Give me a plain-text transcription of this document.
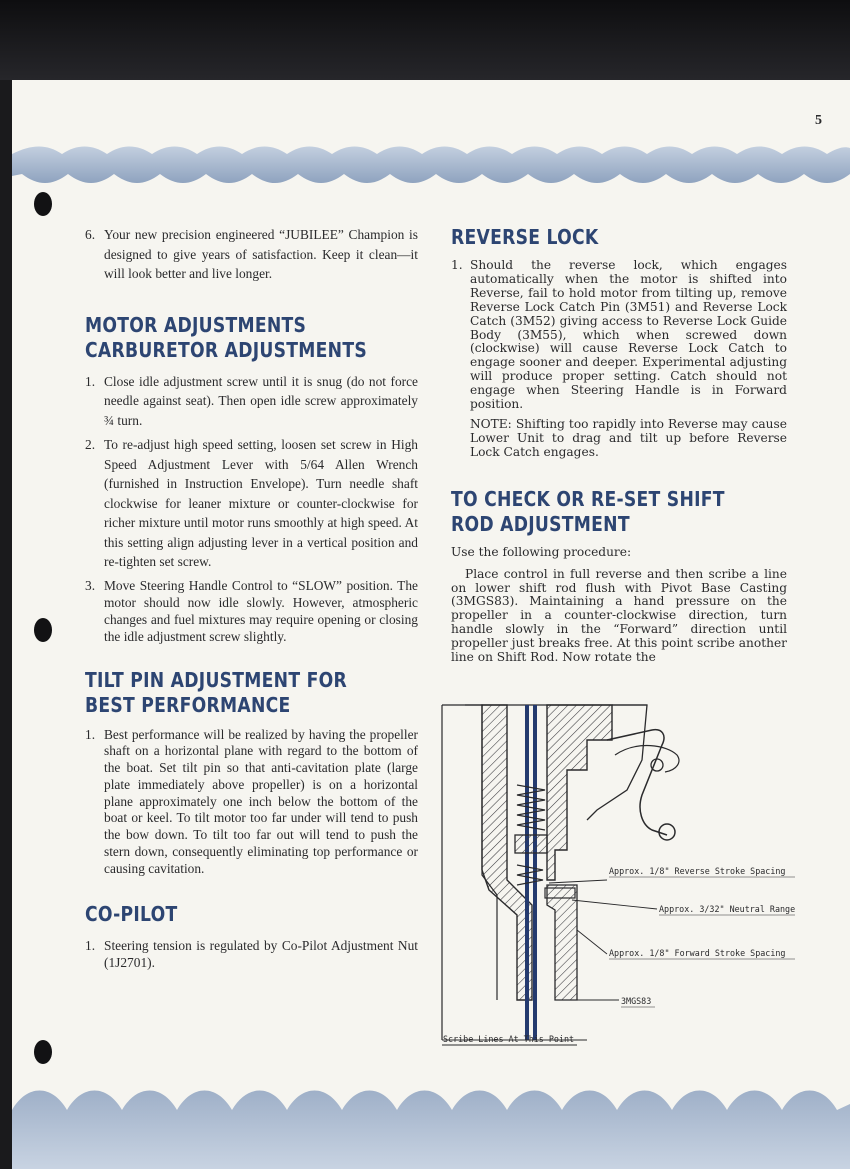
5
6. Your new precision engineered “JUBILEE” Champion is designed to give years of satisfaction. Keep it clean—it will look better and live longer.
MOTOR ADJUSTMENTS
CARBURETOR ADJUSTMENTS
1. Close idle adjustment screw until it is snug (do not force needle against seat). Then open idle screw approximately ¾ turn.
2. To re-adjust high speed setting, loosen set screw in High Speed Adjustment Lever with 5/64 Allen Wrench (furnished in Instruction Envelope). Turn needle shaft clockwise for leaner mixture or counter-clockwise for richer mixture until motor runs smoothly at high speed. At this setting align adjusting lever in a vertical position and re-tighten set screw.
3. Move Steering Handle Control to “SLOW” position. The motor should now idle slowly. However, atmospheric changes and fuel mixtures may require opening or closing the idle adjustment screw slightly.
TILT PIN ADJUSTMENT FOR
BEST PERFORMANCE
1. Best performance will be realized by having the propeller shaft on a horizontal plane with regard to the bottom of the boat. Set tilt pin so that anti-cavitation plate (large plate immediately above propeller) is on a horizontal plane approximately one inch below the bottom of the boat or keel. To tilt motor too far under will tend to push the bow down. To tilt too far out will tend to push the stern down, consequently eliminating top performance or causing cavitation.
CO-PILOT
1. Steering tension is regulated by Co-Pilot Adjustment Nut (1J2701).
REVERSE LOCK
1. Should the reverse lock, which engages automatically when the motor is shifted into Reverse, fail to hold motor from tilting up, remove Reverse Lock Catch Pin (3M51) and Reverse Lock Catch (3M52) giving access to Reverse Lock Guide Body (3M55), which when screwed down (clockwise) will cause Reverse Lock Catch to engage sooner and deeper. Experimental adjusting will produce proper setting. Catch should not engage when Steering Handle is in Forward position.
NOTE: Shifting too rapidly into Reverse may cause Lower Unit to drag and tilt up before Reverse Lock Catch engages.
TO CHECK OR RE-SET SHIFT
ROD ADJUSTMENT
Use the following procedure:
Place control in full reverse and then scribe a line on lower shift rod flush with Pivot Base Casting (3MGS83). Maintaining a hand pressure on the propeller in a counter-clockwise direction, turn handle slowly in the “Forward” direction until propeller just breaks free. At this point scribe another line on Shift Rod. Now rotate the
Approx. 1/8" Reverse Stroke Spacing
Approx. 3/32" Neutral Range
Approx. 1/8" Forward Stroke Spacing
3MGS83
Scribe Lines At This Point
